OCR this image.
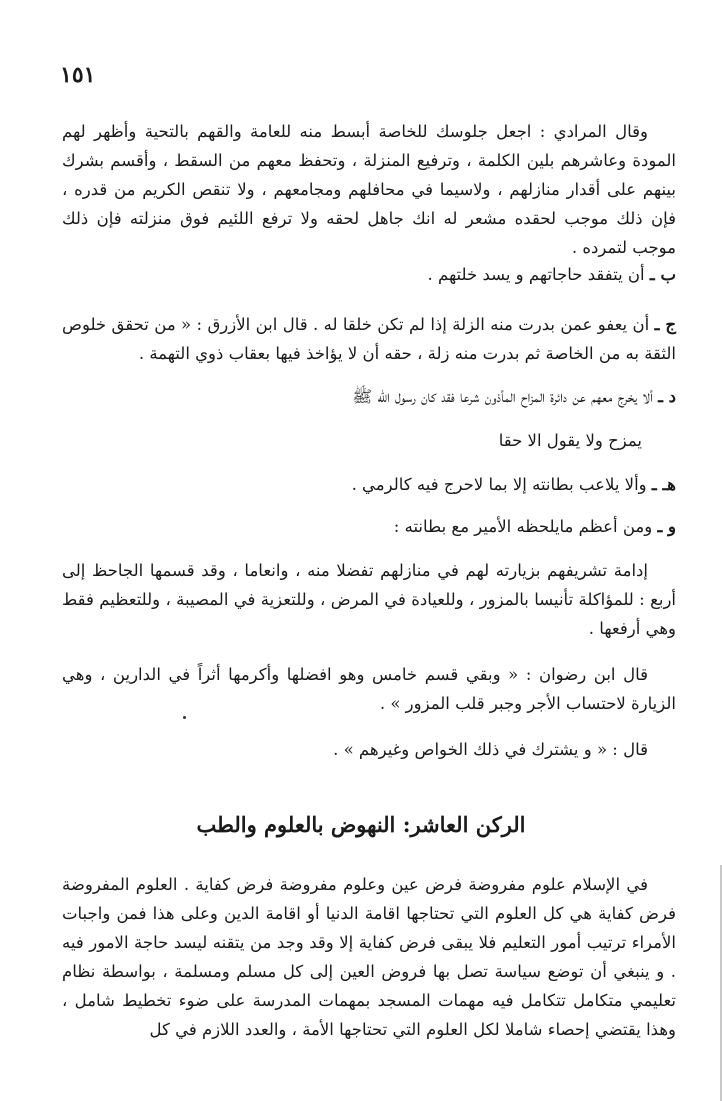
١٥١

وقال المرادي : اجعل جلوسك للخاصة أبسط منه للعامة والقهم بالتحية وأظهر لهم المودة وعاشرهم بلين الكلمة ، وترفيع المنزلة ، وتحفظ معهم من السقط ، وأقسم بشرك بينهم على أقدار منازلهم ، ولاسيما في محافلهم ومجامعهم ، ولا تنقص الكريم من قدره ، فإن ذلك موجب لحقده مشعر له انك جاهل لحقه ولا ترفع اللئيم فوق منزلته فإن ذلك موجب لتمرده .

ب ـ أن يتفقد حاجاتهم و يسد خلتهم .

ج ـ أن يعفو عمن بدرت منه الزلة إذا لم تكن خلقا له . قال ابن الأزرق : « من تحقق خلوص الثقة به من الخاصة ثم بدرت منه زلة ، حقه أن لا يؤاخذ فيها بعقاب ذوي التهمة .

د ـ ألا يخرج معهم عن دائرة المزاح المأذون شرعا فقد كان رسول الله ﷺ

يمزح ولا يقول الا حقا

هـ ـ وألا يلاعب بطانته إلا بما لاحرج فيه كالرمي .

و ـ ومن أعظم مايلحظه الأمير مع بطانته :

إدامة تشريفهم بزيارته لهم في منازلهم تفضلا منه ، وانعاما ، وقد قسمها الجاحظ إلى أربع : للمؤاكلة تأنيسا بالمزور ، وللعيادة في المرض ، وللتعزية في المصيبة ، وللتعظيم فقط وهي أرفعها .

قال ابن رضوان : « وبقي قسم خامس وهو افضلها وأكرمها أثراً في الدارين ، وهي الزيارة لاحتساب الأجر وجبر قلب المزور » .

قال : « و يشترك في ذلك الخواص وغيرهم » .

الركن العاشر: النهوض بالعلوم والطب

في الإسلام علوم مفروضة فرض عين وعلوم مفروضة فرض كفاية . العلوم المفروضة فرض كفاية هي كل العلوم التي تحتاجها اقامة الدنيا أو اقامة الدين وعلى هذا فمن واجبات الأمراء ترتيب أمور التعليم فلا يبقى فرض كفاية إلا وقد وجد من يتقنه ليسد حاجة الامور فيه . و ينبغي أن توضع سياسة تصل بها فروض العين إلى كل مسلم ومسلمة ، بواسطة نظام تعليمي متكامل تتكامل فيه مهمات المسجد بمهمات المدرسة على ضوء تخطيط شامل ، وهذا يقتضي إحصاء شاملا لكل العلوم التي تحتاجها الأمة ، والعدد اللازم في كل
